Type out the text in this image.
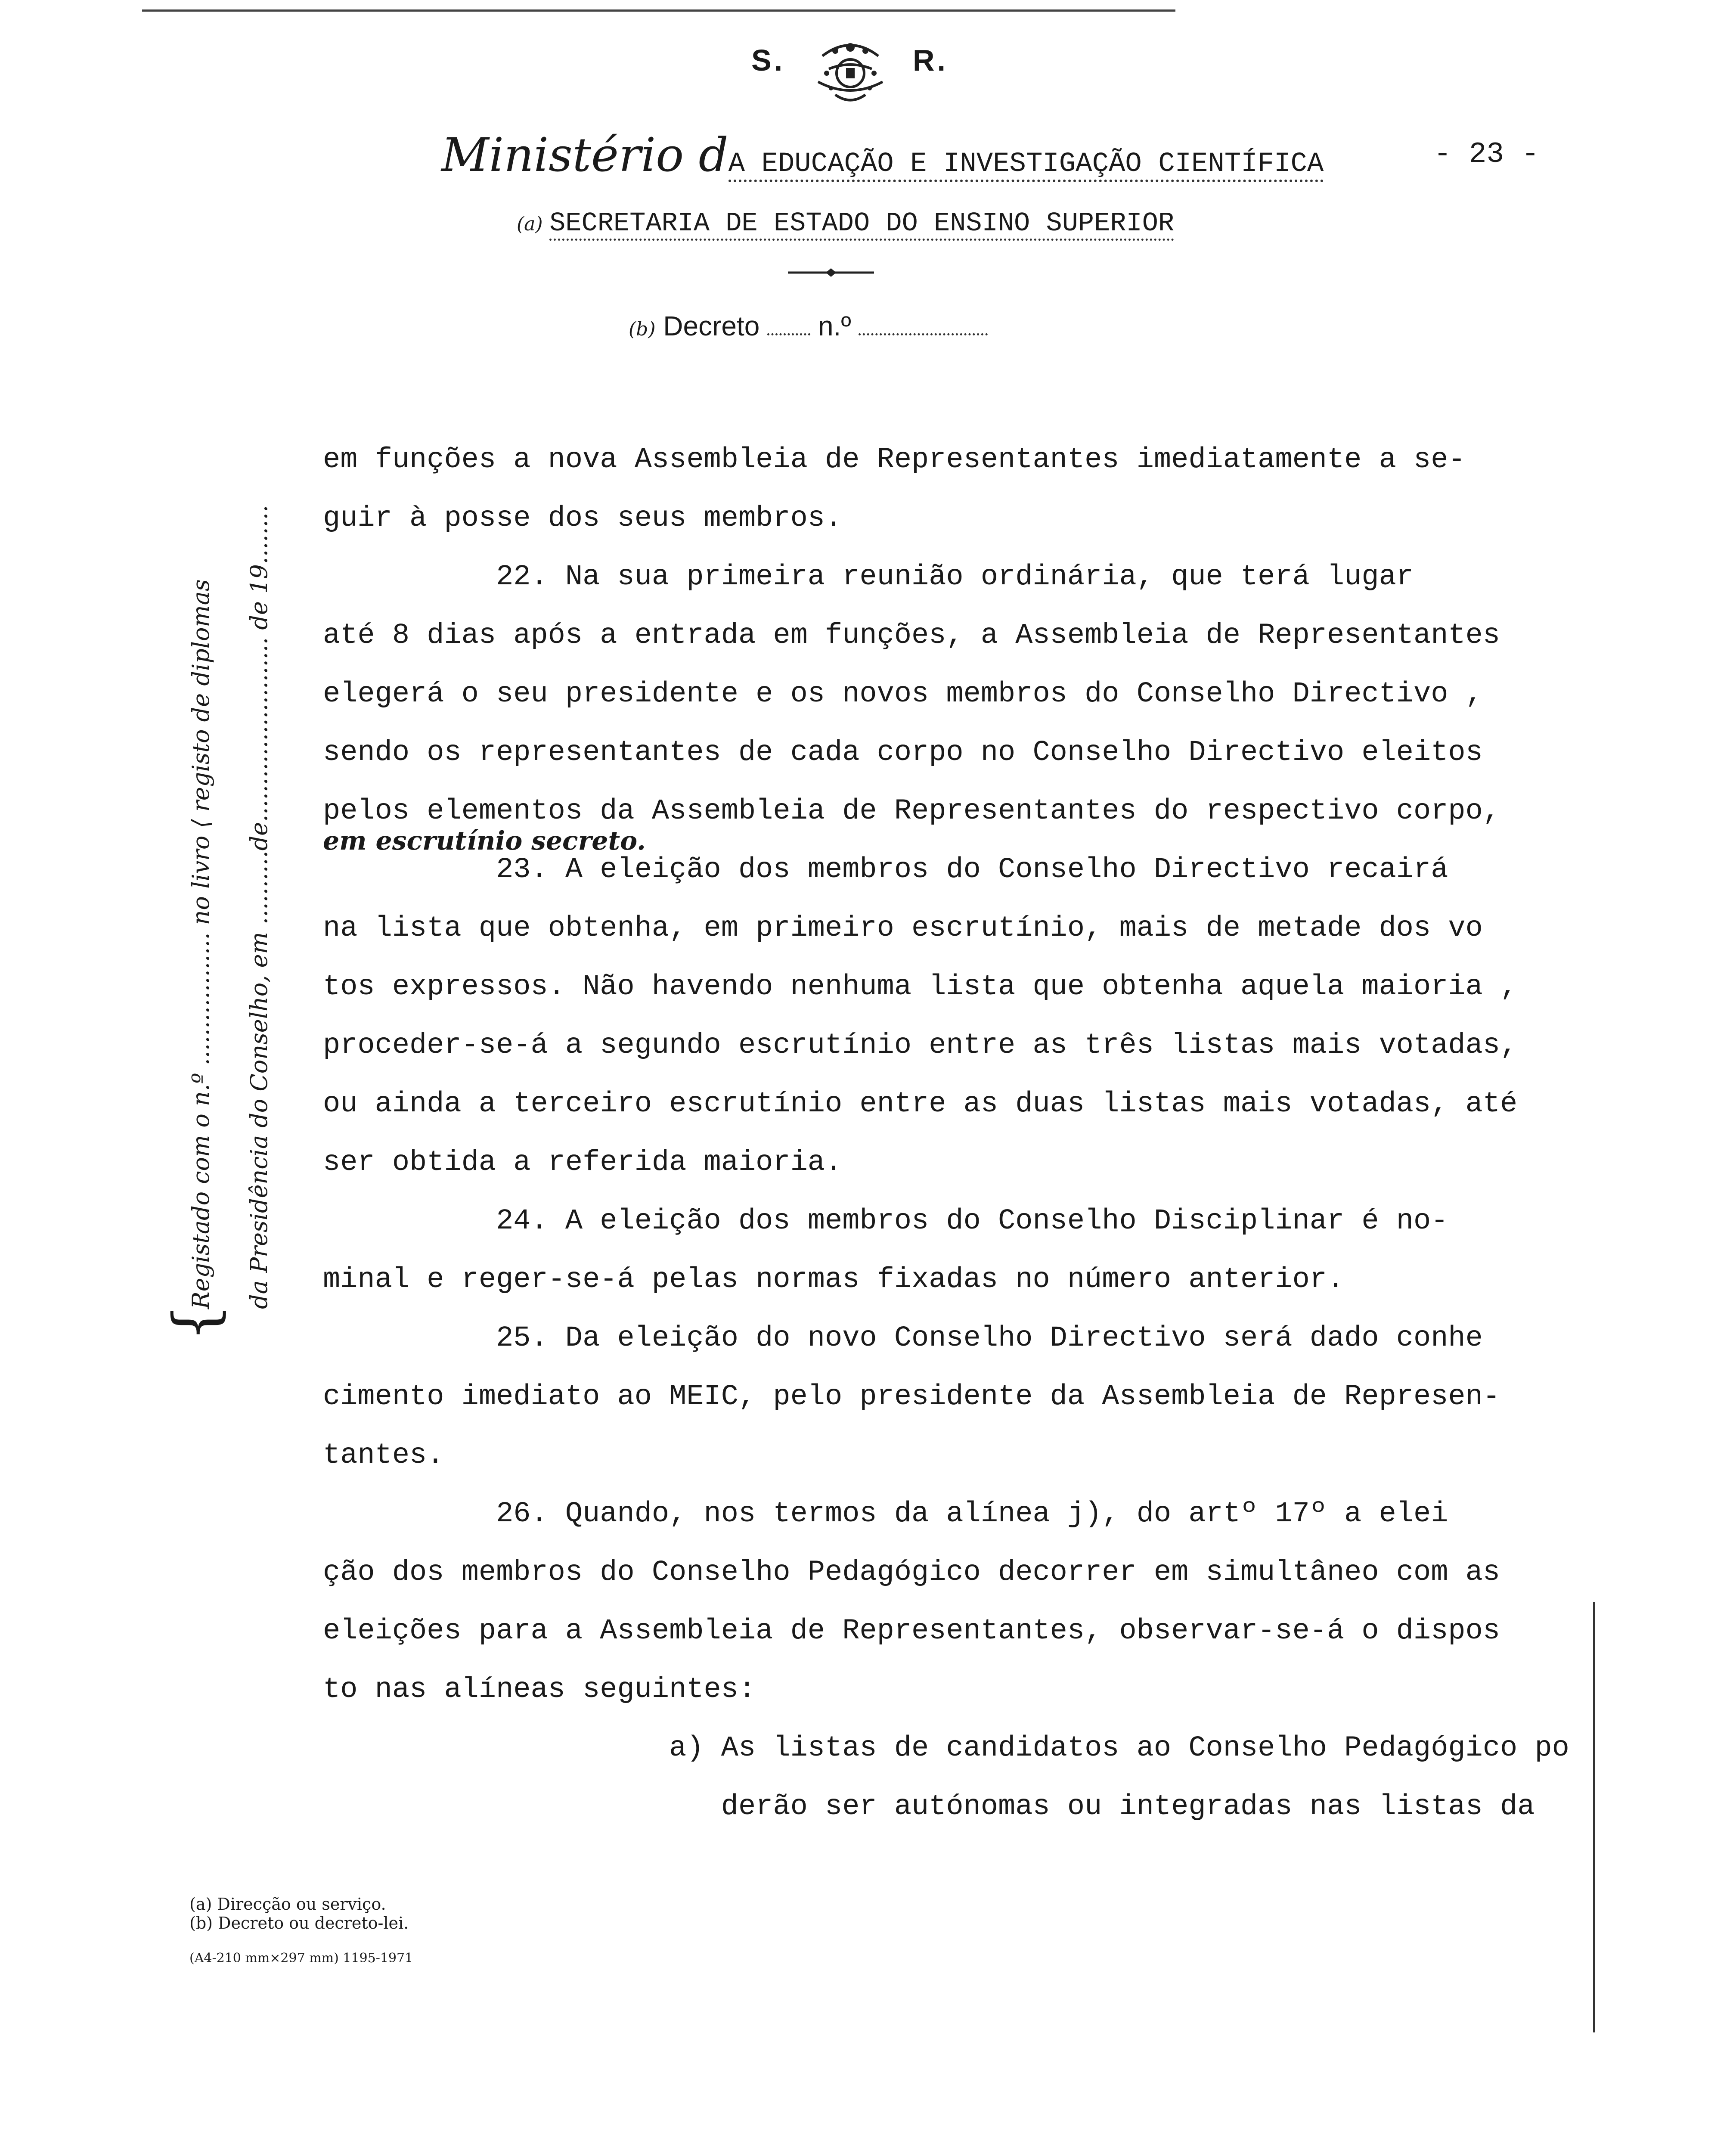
S.	R.
Ministério dA EDUCAÇÃO E INVESTIGAÇÃO CIENTÍFICA	- 23 -
(a) SECRETARIA DE ESTADO DO ENSINO SUPERIOR
(b) Decreto n.º
Registado com o n.º .................. no livro ⟨ registo de diplomas da Presidência do Conselho, em ..........de......................... de 19........
{
em funções a nova Assembleia de Representantes imediatamente a se-
guir à posse dos seus membros.
22. Na sua primeira reunião ordinária, que terá lugar
até 8 dias após a entrada em funções, a Assembleia de Representantes
elegerá o seu presidente e os novos membros do Conselho Directivo ,
sendo os representantes de cada corpo no Conselho Directivo eleitos
pelos elementos da Assembleia de Representantes do respectivo corpo,
em escrutínio secreto.
23. A eleição dos membros do Conselho Directivo recairá
na lista que obtenha, em primeiro escrutínio, mais de metade dos vo
tos expressos. Não havendo nenhuma lista que obtenha aquela maioria ,
proceder-se-á a segundo escrutínio entre as três listas mais votadas,
ou ainda a terceiro escrutínio entre as duas listas mais votadas, até
ser obtida a referida maioria.
24. A eleição dos membros do Conselho Disciplinar é no-
minal e reger-se-á pelas normas fixadas no número anterior.
25. Da eleição do novo Conselho Directivo será dado conhe
cimento imediato ao MEIC, pelo presidente da Assembleia de Represen-
tantes.
26. Quando, nos termos da alínea j), do artº 17º a elei
ção dos membros do Conselho Pedagógico decorrer em simultâneo com as
eleições para a Assembleia de Representantes, observar-se-á o dispos
to nas alíneas seguintes:
a) As listas de candidatos ao Conselho Pedagógico po
derão ser autónomas ou integradas nas listas da
(a) Direcção ou serviço.
(b) Decreto ou decreto-lei.
(A4-210 mm×297 mm) 1195-1971
